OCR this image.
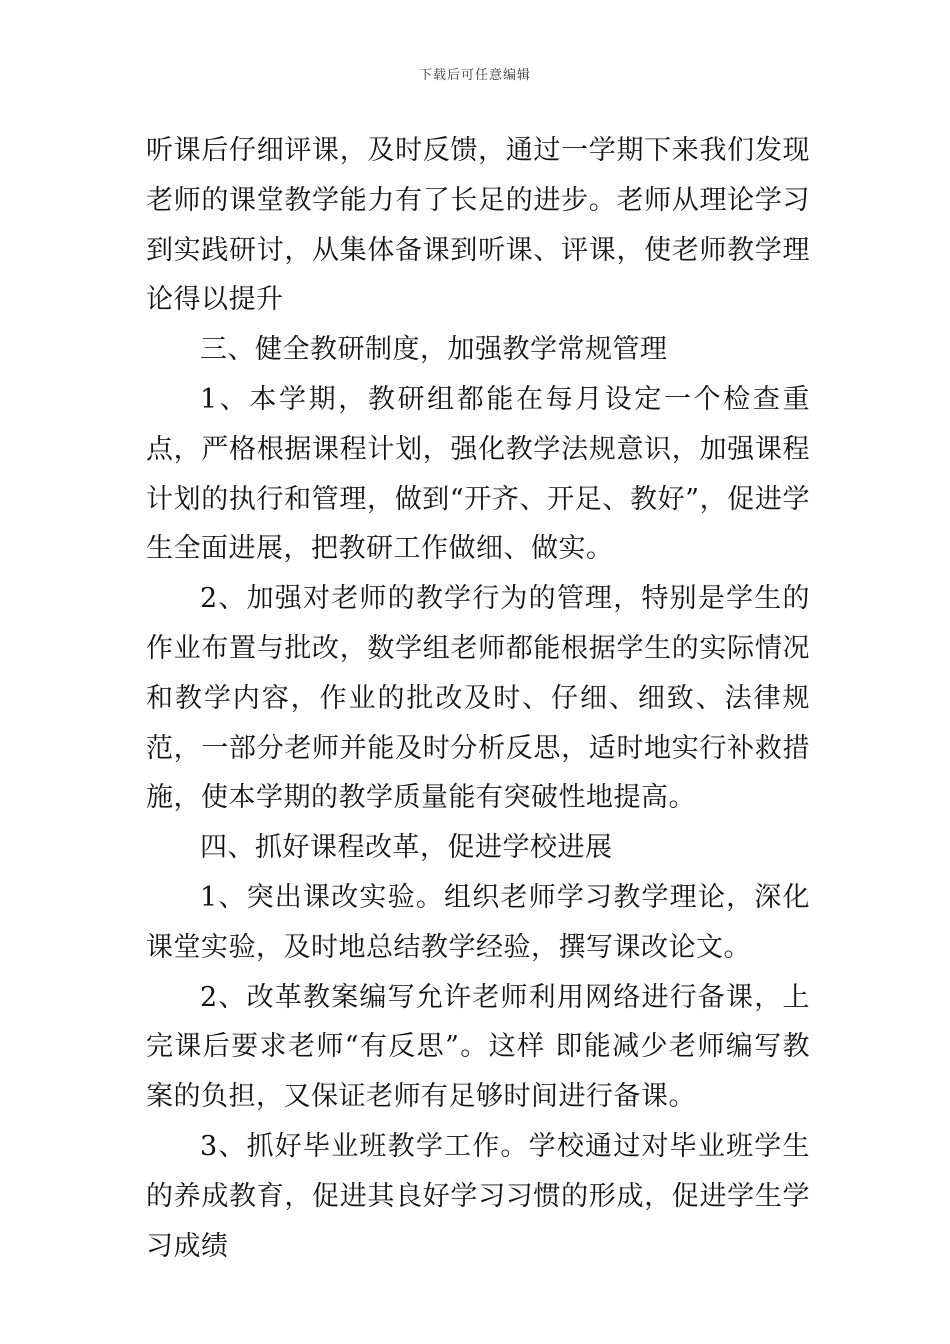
下载后可任意编辑

听课后仔细评课，及时反馈，通过一学期下来我们发现老师的课堂教学能力有了长足的进步。老师从理论学习到实践研讨，从集体备课到听课、评课，使老师教学理论得以提升

三、健全教研制度，加强教学常规管理

1、本学期，教研组都能在每月设定一个检查重点，严格根据课程计划，强化教学法规意识，加强课程计划的执行和管理，做到“开齐、开足、教好”，促进学生全面进展，把教研工作做细、做实。

2、加强对老师的教学行为的管理，特别是学生的作业布置与批改，数学组老师都能根据学生的实际情况和教学内容，作业的批改及时、仔细、细致、法律规范，一部分老师并能及时分析反思，适时地实行补救措施，使本学期的教学质量能有突破性地提高。

四、抓好课程改革，促进学校进展

1、突出课改实验。组织老师学习教学理论，深化课堂实验，及时地总结教学经验，撰写课改论文。

2、改革教案编写允许老师利用网络进行备课，上完课后要求老师“有反思”。这样 即能减少老师编写教案的负担，又保证老师有足够时间进行备课。

3、抓好毕业班教学工作。学校通过对毕业班学生的养成教育，促进其良好学习习惯的形成，促进学生学习成绩
